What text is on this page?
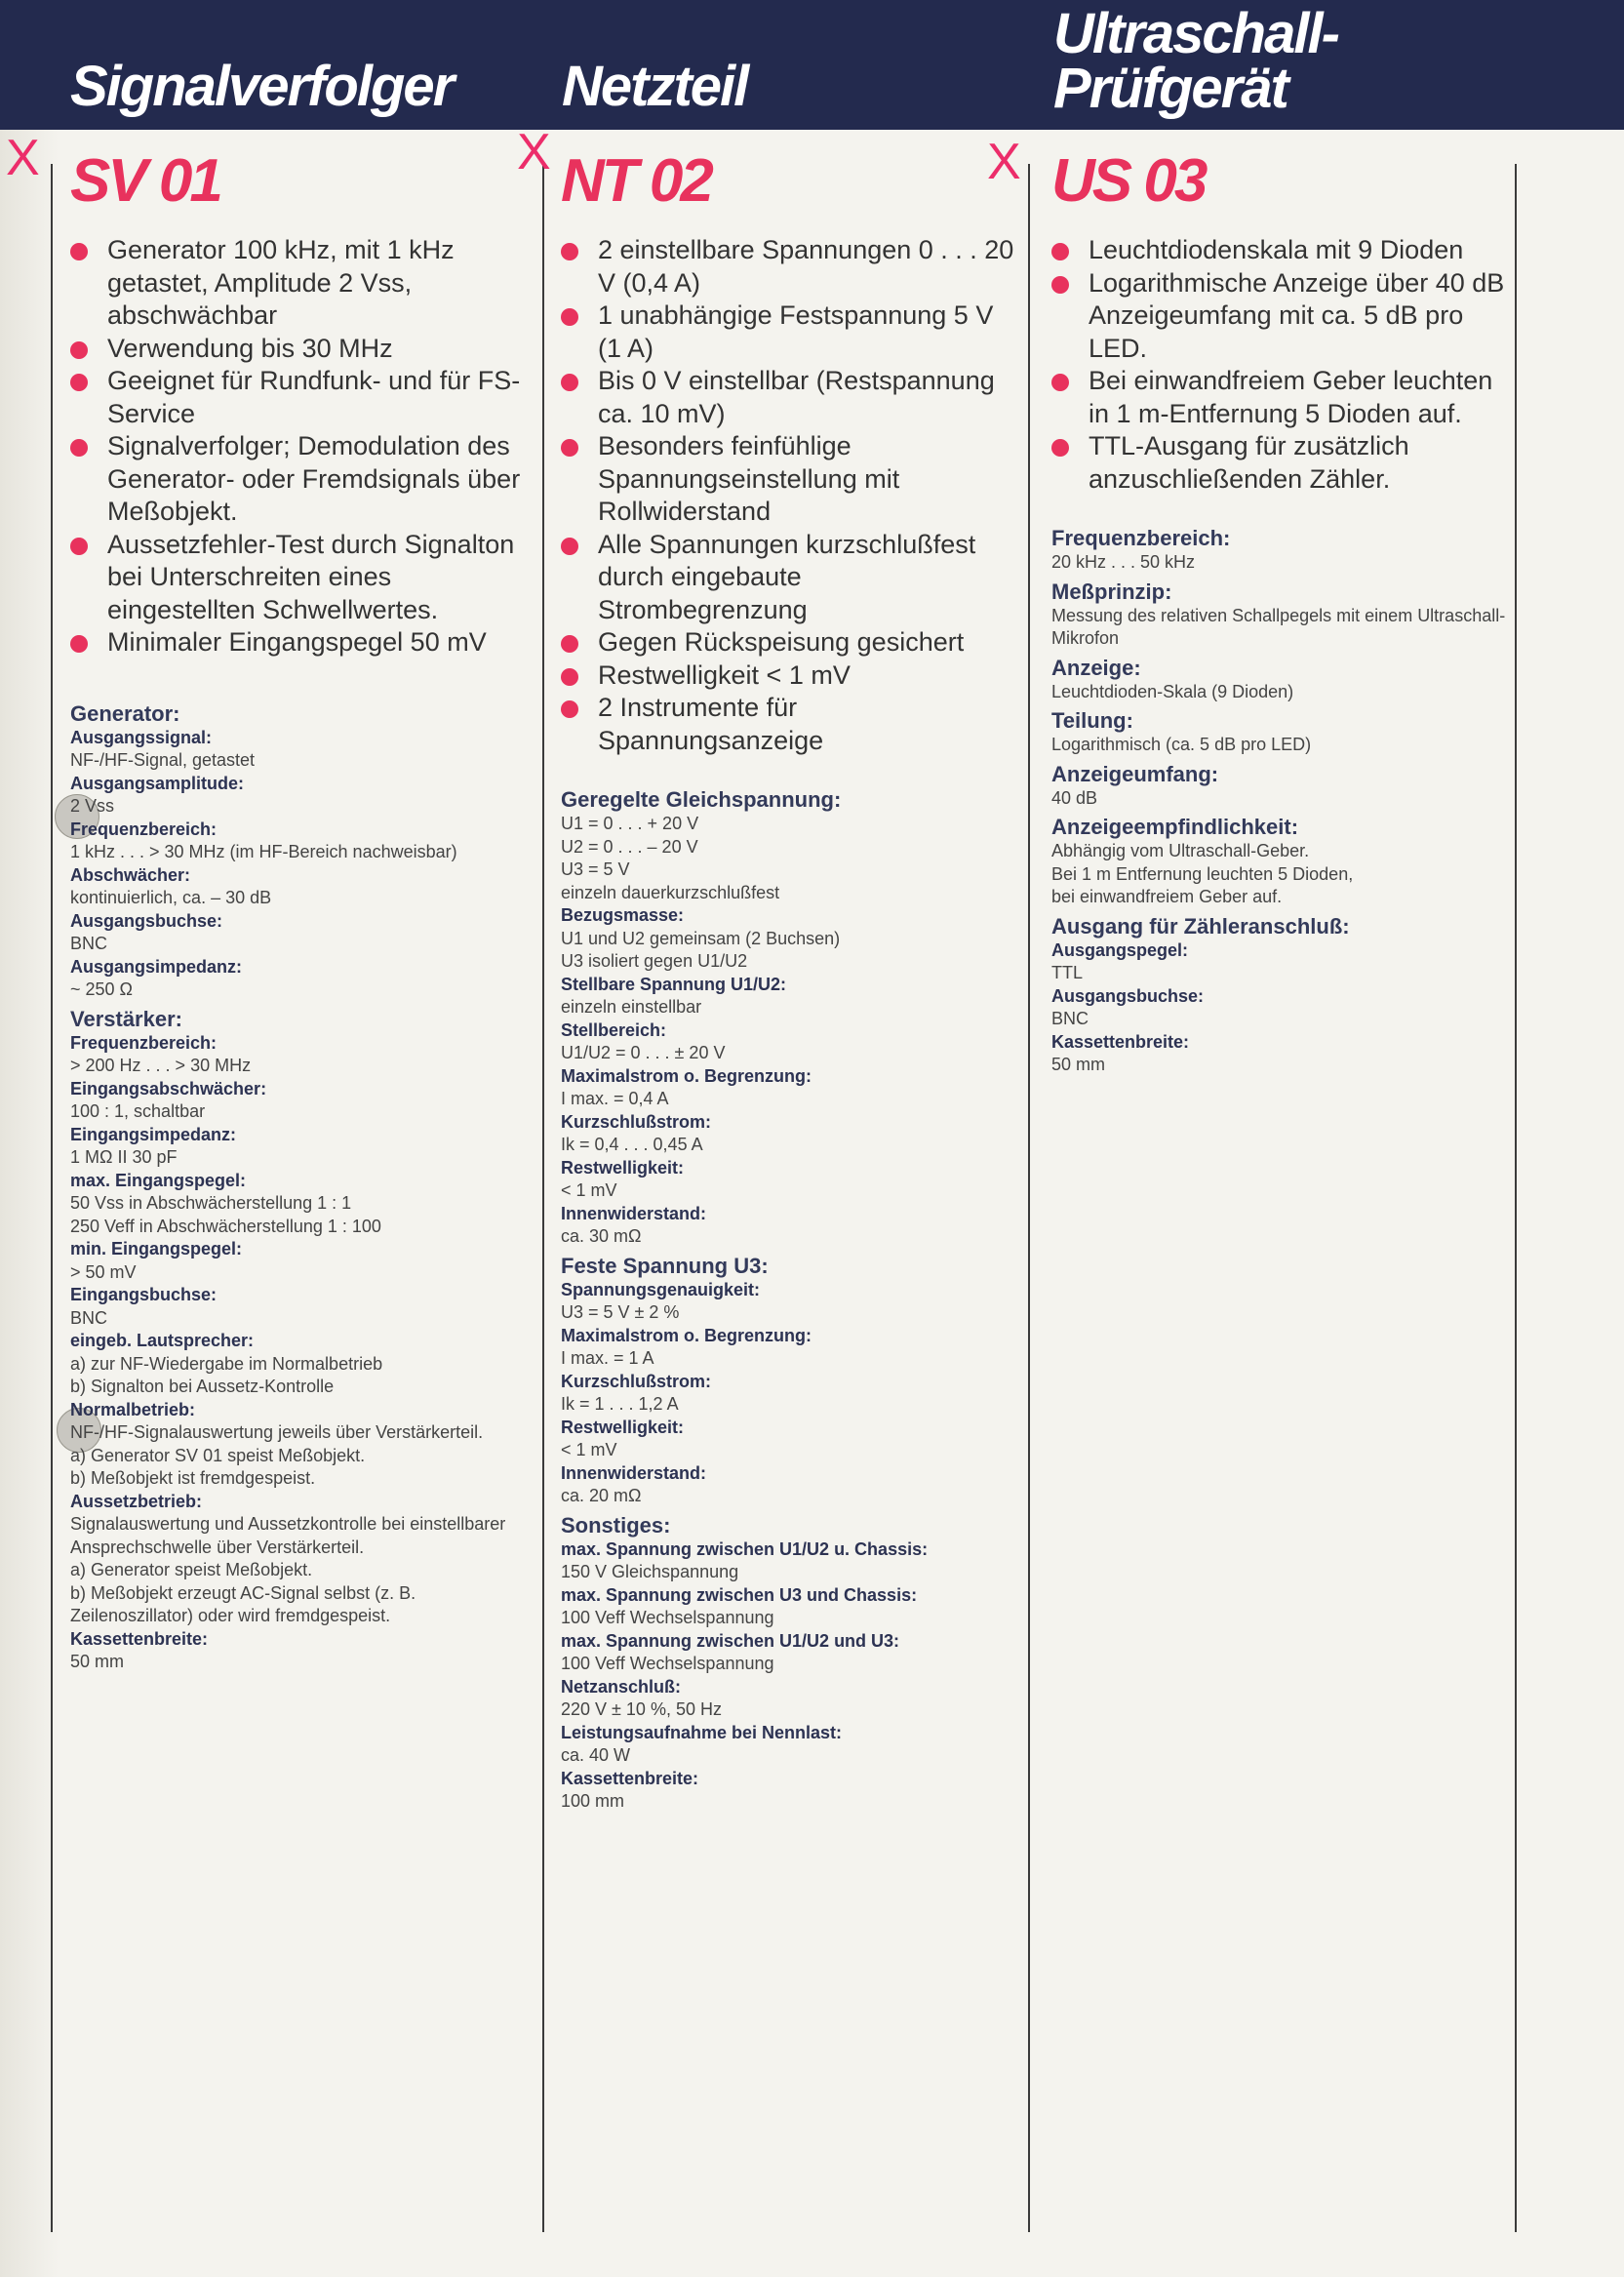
Signalverfolger Netzteil
Ultraschall-
Prüfgerät
X	X	X
SV 01
Generator 100 kHz, mit 1 kHz getastet, Amplitude 2 Vss, abschwächbar
Verwendung bis 30 MHz
Geeignet für Rundfunk- und für FS-Service
Signalverfolger; Demodulation des Generator- oder Fremdsignals über Meßobjekt.
Aussetzfehler-Test durch Signalton bei Unterschreiten eines eingestellten Schwellwertes.
Minimaler Eingangspegel 50 mV
Generator:
Ausgangssignal:
NF-/HF-Signal, getastet
Ausgangsamplitude:
2 Vss
Frequenzbereich:
1 kHz . . . > 30 MHz (im HF-Bereich nachweisbar)
Abschwächer:
kontinuierlich, ca. – 30 dB
Ausgangsbuchse:
BNC
Ausgangsimpedanz:
~ 250 Ω
Verstärker:
Frequenzbereich:
> 200 Hz . . . > 30 MHz
Eingangsabschwächer:
100 : 1, schaltbar
Eingangsimpedanz:
1 MΩ II 30 pF
max. Eingangspegel:
50 Vss in Abschwächerstellung 1 : 1
250 Veff in Abschwächerstellung 1 : 100
min. Eingangspegel:
> 50 mV
Eingangsbuchse:
BNC
eingeb. Lautsprecher:
a) zur NF-Wiedergabe im Normalbetrieb
b) Signalton bei Aussetz-Kontrolle
Normalbetrieb:
NF-/HF-Signalauswertung jeweils über Verstärkerteil.
a) Generator SV 01 speist Meßobjekt.
b) Meßobjekt ist fremdgespeist.
Aussetzbetrieb:
Signalauswertung und Aussetzkontrolle bei einstellbarer Ansprechschwelle über Verstärkerteil.
a) Generator speist Meßobjekt.
b) Meßobjekt erzeugt AC-Signal selbst (z. B. Zeilenoszillator) oder wird fremdgespeist.
Kassettenbreite:
50 mm
NT 02
2 einstellbare Spannungen 0 . . . 20 V (0,4 A)
1 unabhängige Festspannung 5 V (1 A)
Bis 0 V einstellbar (Restspannung ca. 10 mV)
Besonders feinfühlige Spannungseinstellung mit Rollwiderstand
Alle Spannungen kurzschlußfest durch eingebaute Strombegrenzung
Gegen Rückspeisung gesichert
Restwelligkeit < 1 mV
2 Instrumente für Spannungsanzeige
Geregelte Gleichspannung:
U1 = 0 . . . + 20 V
U2 = 0 . . . – 20 V
U3 = 5 V
einzeln dauerkurzschlußfest
Bezugsmasse:
U1 und U2 gemeinsam (2 Buchsen)
U3 isoliert gegen U1/U2
Stellbare Spannung U1/U2:
einzeln einstellbar
Stellbereich:
U1/U2 = 0 . . . ± 20 V
Maximalstrom o. Begrenzung:
I max. = 0,4 A
Kurzschlußstrom:
Ik = 0,4 . . . 0,45 A
Restwelligkeit:
< 1 mV
Innenwiderstand:
ca. 30 mΩ
Feste Spannung U3:
Spannungsgenauigkeit:
U3 = 5 V ± 2 %
Maximalstrom o. Begrenzung:
I max. = 1 A
Kurzschlußstrom:
Ik = 1 . . . 1,2 A
Restwelligkeit:
< 1 mV
Innenwiderstand:
ca. 20 mΩ
Sonstiges:
max. Spannung zwischen U1/U2 u. Chassis:
150 V Gleichspannung
max. Spannung zwischen U3 und Chassis:
100 Veff Wechselspannung
max. Spannung zwischen U1/U2 und U3:
100 Veff Wechselspannung
Netzanschluß:
220 V ± 10 %, 50 Hz
Leistungsaufnahme bei Nennlast:
ca. 40 W
Kassettenbreite:
100 mm
US 03
Leuchtdiodenskala mit 9 Dioden
Logarithmische Anzeige über 40 dB Anzeigeumfang mit ca. 5 dB pro LED.
Bei einwandfreiem Geber leuchten in 1 m-Entfernung 5 Dioden auf.
TTL-Ausgang für zusätzlich anzuschließenden Zähler.
Frequenzbereich:
20 kHz . . . 50 kHz
Meßprinzip:
Messung des relativen Schallpegels mit einem Ultraschall-Mikrofon
Anzeige:
Leuchtdioden-Skala (9 Dioden)
Teilung:
Logarithmisch (ca. 5 dB pro LED)
Anzeigeumfang:
40 dB
Anzeigeempfindlichkeit:
Abhängig vom Ultraschall-Geber.
Bei 1 m Entfernung leuchten 5 Dioden,
bei einwandfreiem Geber auf.
Ausgang für Zähleranschluß:
Ausgangspegel:
TTL
Ausgangsbuchse:
BNC
Kassettenbreite:
50 mm
